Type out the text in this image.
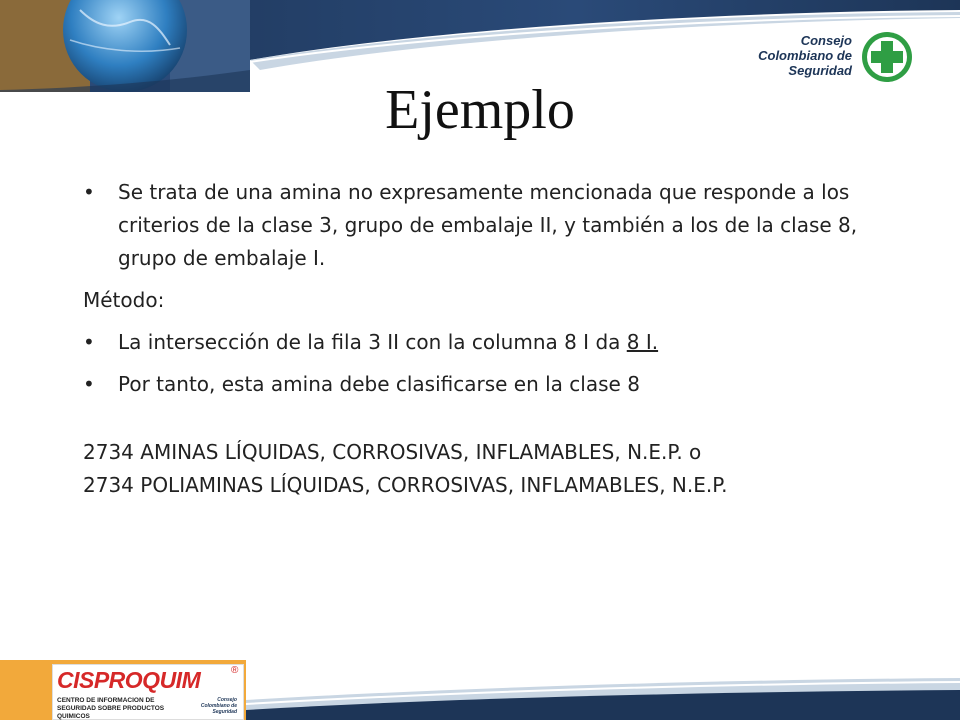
Consejo
Colombiano de
Seguridad
Ejemplo
•	Se trata de una amina no expresamente mencionada que responde a los criterios de la clase 3, grupo de embalaje II, y también a los de la clase 8, grupo de embalaje I.
Método:
•	La intersección de la fila 3 II con la columna 8 I da 8 I.
•	Por tanto, esta amina debe clasificarse en la clase 8
2734 AMINAS LÍQUIDAS, CORROSIVAS, INFLAMABLES, N.E.P. o
2734 POLIAMINAS LÍQUIDAS, CORROSIVAS, INFLAMABLES, N.E.P.
CISPROQUIM	®
CENTRO DE INFORMACION DE SEGURIDAD SOBRE PRODUCTOS QUIMICOS
Consejo Colombiano de Seguridad
